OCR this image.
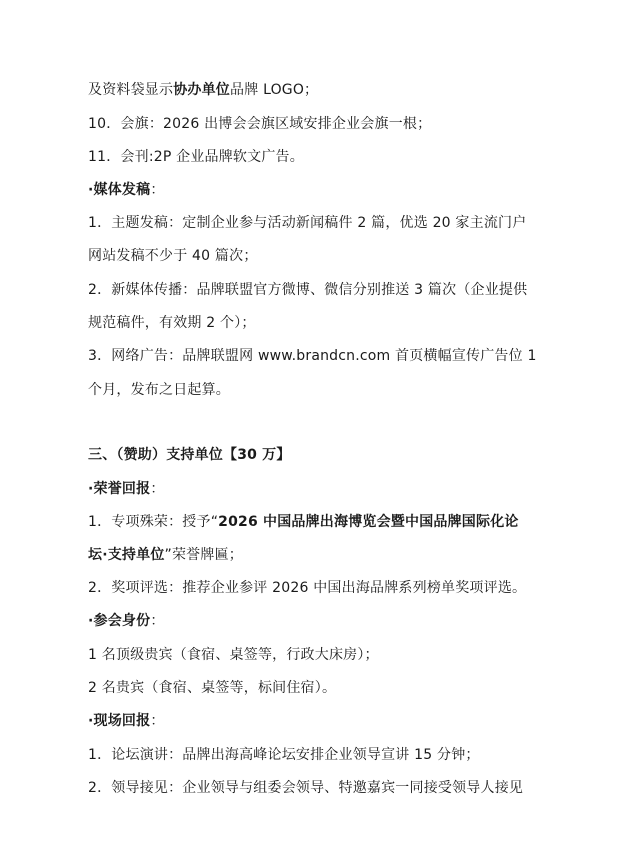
及资料袋显示协办单位品牌 LOGO；
10．会旗：2026 出博会会旗区域安排企业会旗一根；
11．会刊:2P 企业品牌软文广告。
·媒体发稿：
1．主题发稿：定制企业参与活动新闻稿件 2 篇，优选 20 家主流门户
网站发稿不少于 40 篇次；
2．新媒体传播：品牌联盟官方微博、微信分别推送 3 篇次（企业提供
规范稿件，有效期 2 个）；
3．网络广告：品牌联盟网 www.brandcn.com 首页横幅宣传广告位 1
个月，发布之日起算。
三、（赞助）支持单位【30 万】
·荣誉回报：
1．专项殊荣：授予“2026 中国品牌出海博览会暨中国品牌国际化论
坛·支持单位”荣誉牌匾；
2．奖项评选：推荐企业参评 2026 中国出海品牌系列榜单奖项评选。
·参会身份：
1 名顶级贵宾（食宿、桌签等，行政大床房）；
2 名贵宾（食宿、桌签等，标间住宿）。
·现场回报：
1．论坛演讲：品牌出海高峰论坛安排企业领导宣讲 15 分钟；
2．领导接见：企业领导与组委会领导、特邀嘉宾一同接受领导人接见
